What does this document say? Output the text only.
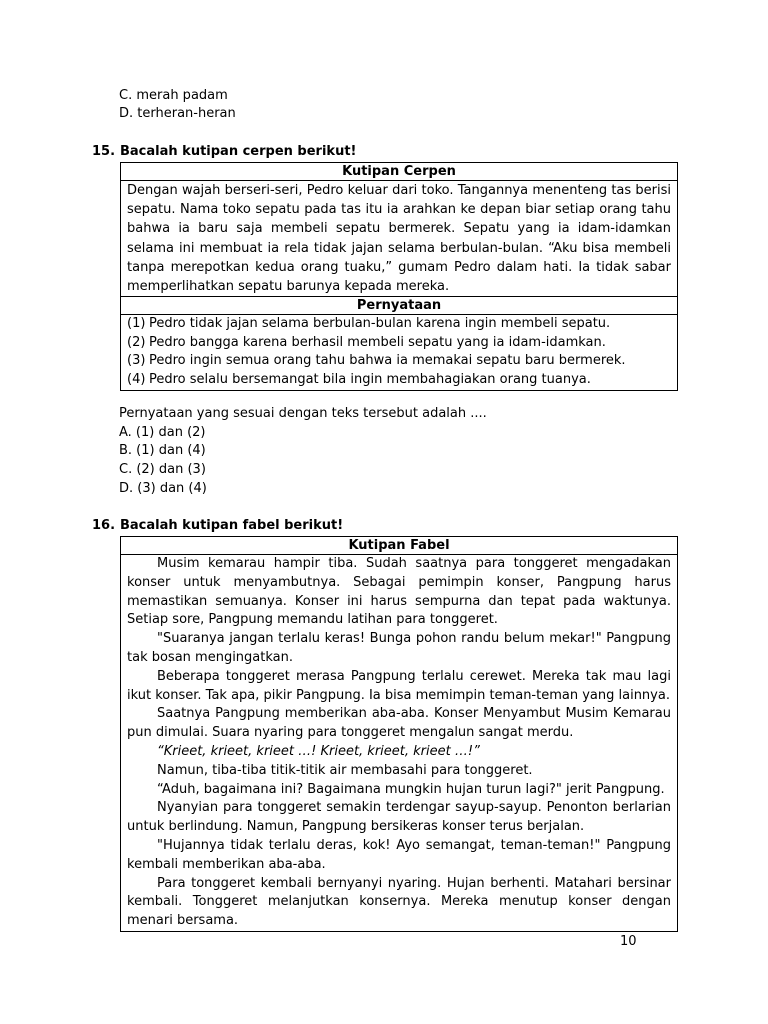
C. merah padam
D. terheran-heran
15. Bacalah kutipan cerpen berikut!
Kutipan Cerpen
Dengan wajah berseri-seri, Pedro keluar dari toko. Tangannya menenteng tas berisi sepatu. Nama toko sepatu pada tas itu ia arahkan ke depan biar setiap orang tahu bahwa ia baru saja membeli sepatu bermerek. Sepatu yang ia idam-idamkan selama ini membuat ia rela tidak jajan selama berbulan-bulan. “Aku bisa membeli tanpa merepotkan kedua orang tuaku,” gumam Pedro dalam hati. Ia tidak sabar memperlihatkan sepatu barunya kepada mereka.
Pernyataan

(1) Pedro tidak jajan selama berbulan-bulan karena ingin membeli sepatu.
(2) Pedro bangga karena berhasil membeli sepatu yang ia idam-idamkan.
(3) Pedro ingin semua orang tahu bahwa ia memakai sepatu baru bermerek.
(4) Pedro selalu bersemangat bila ingin membahagiakan orang tuanya.
Pernyataan yang sesuai dengan teks tersebut adalah ....
A. (1) dan (2)
B. (1) dan (4)
C. (2) dan (3)
D. (3) dan (4)
16. Bacalah kutipan fabel berikut!
Kutipan Fabel

Musim kemarau hampir tiba. Sudah saatnya para tonggeret mengadakan konser untuk menyambutnya. Sebagai pemimpin konser, Pangpung harus memastikan semuanya. Konser ini harus sempurna dan tepat pada waktunya. Setiap sore, Pangpung memandu latihan para tonggeret.

"Suaranya jangan terlalu keras! Bunga pohon randu belum mekar!" Pangpung tak bosan mengingatkan.

Beberapa tonggeret merasa Pangpung terlalu cerewet. Mereka tak mau lagi ikut konser. Tak apa, pikir Pangpung. Ia bisa memimpin teman-teman yang lainnya.

Saatnya Pangpung memberikan aba-aba. Konser Menyambut Musim Kemarau pun dimulai. Suara nyaring para tonggeret mengalun sangat merdu.

“Krieet, krieet, krieet …! Krieet, krieet, krieet …!”

Namun, tiba-tiba titik-titik air membasahi para tonggeret.

“Aduh, bagaimana ini? Bagaimana mungkin hujan turun lagi?" jerit Pangpung.

Nyanyian para tonggeret semakin terdengar sayup-sayup. Penonton berlarian untuk berlindung. Namun, Pangpung bersikeras konser terus berjalan.

"Hujannya tidak terlalu deras, kok! Ayo semangat, teman-teman!" Pangpung kembali memberikan aba-aba.

Para tonggeret kembali bernyanyi nyaring. Hujan berhenti. Matahari bersinar kembali. Tonggeret melanjutkan konsernya. Mereka menutup konser dengan menari bersama.

10
